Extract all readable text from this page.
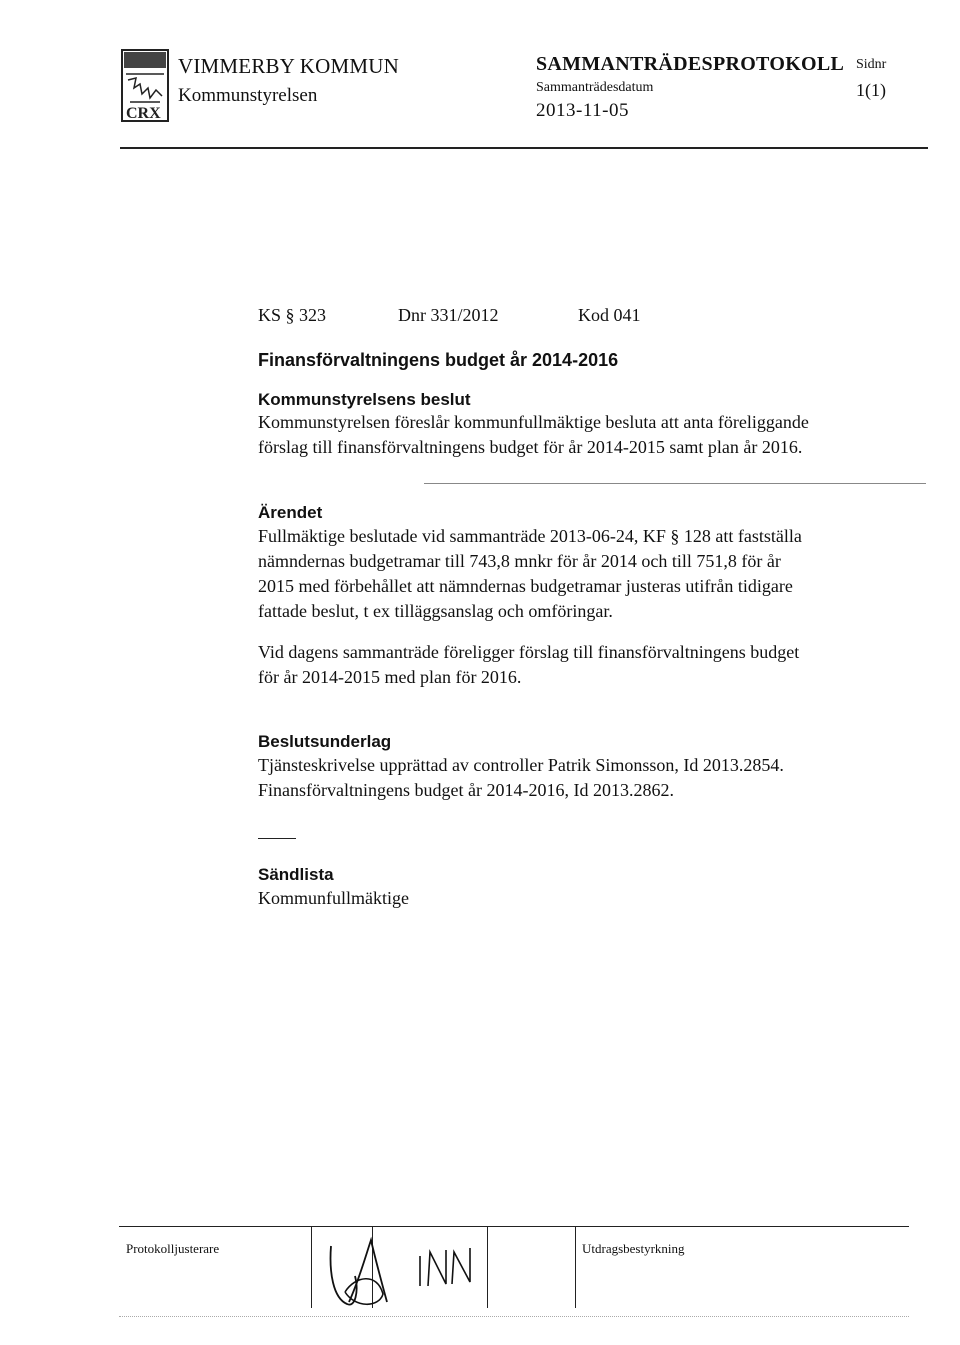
CRX
VIMMERBY KOMMUN
Kommunstyrelsen
SAMMANTRÄDESPROTOKOLL
Sammanträdesdatum
2013-11-05
Sidnr
1(1)
KS § 323	Dnr 331/2012	Kod 041
Finansförvaltningens budget år 2014-2016
Kommunstyrelsens beslut
Kommunstyrelsen föreslår kommunfullmäktige besluta att anta föreliggande
förslag till finansförvaltningens budget för år 2014-2015 samt plan år 2016.
Ärendet
Fullmäktige beslutade vid sammanträde 2013-06-24, KF § 128 att fastställa
nämndernas budgetramar till 743,8 mnkr för år 2014 och till 751,8 för år
2015 med förbehållet att nämndernas budgetramar justeras utifrån tidigare
fattade beslut, t ex tilläggsanslag och omföringar.
Vid dagens sammanträde föreligger förslag till finansförvaltningens budget
för år 2014-2015 med plan för 2016.
Beslutsunderlag
Tjänsteskrivelse upprättad av controller Patrik Simonsson, Id 2013.2854.
Finansförvaltningens budget år 2014-2016, Id 2013.2862.
Sändlista
Kommunfullmäktige
Protokolljusterare	Utdragsbestyrkning
